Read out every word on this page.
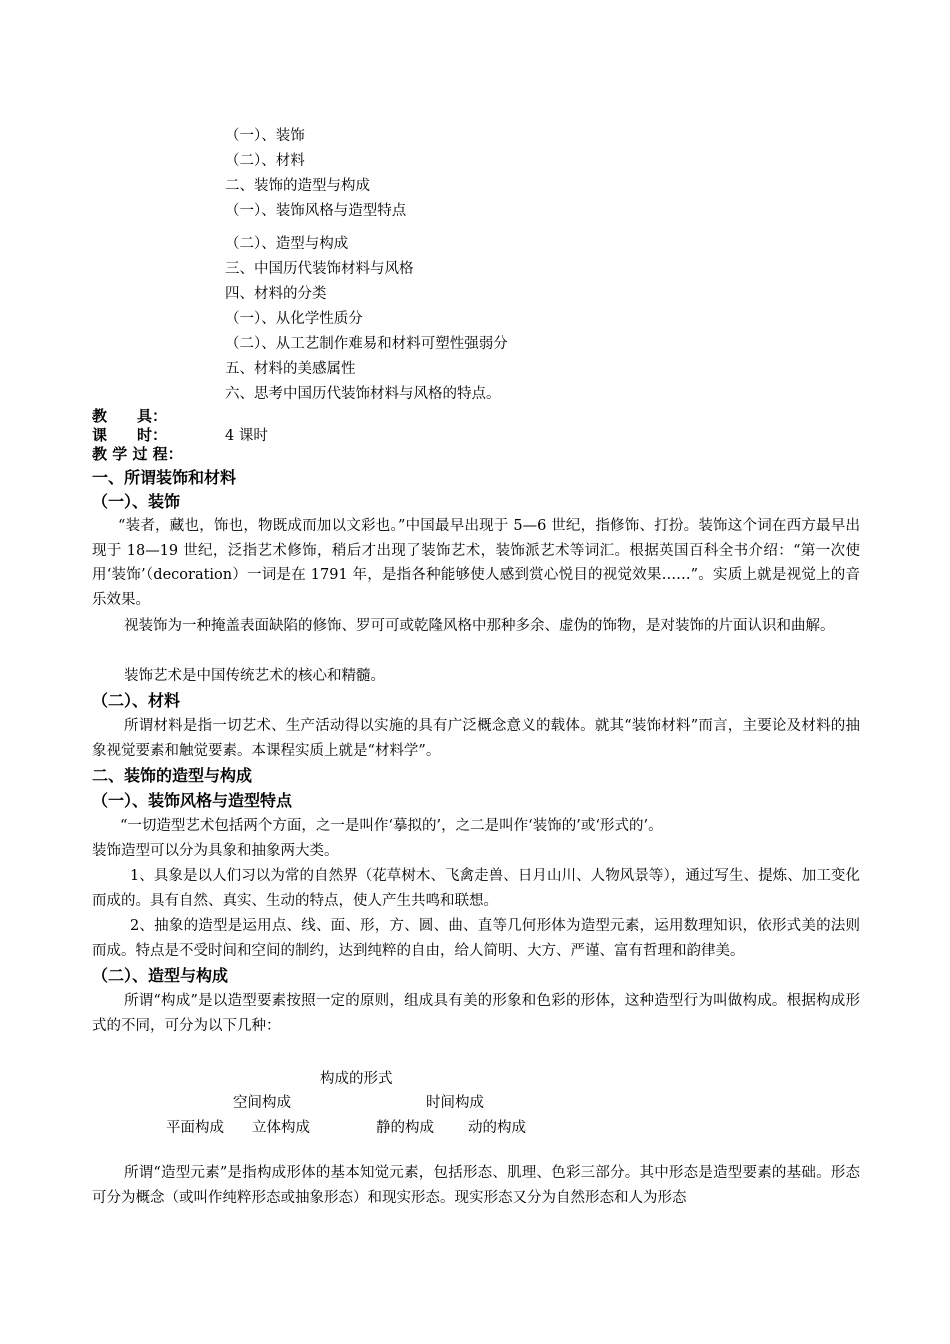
（一）、装饰
（二）、材料
二、装饰的造型与构成
（一）、装饰风格与造型特点
（二）、造型与构成
三、中国历代装饰材料与风格
四、材料的分类
（一）、从化学性质分
（二）、从工艺制作难易和材料可塑性强弱分
五、材料的美感属性
六、思考中国历代装饰材料与风格的特点。
教　　具：
课　　时：	4 课时
教 学 过 程：
一、所谓装饰和材料
（一）、装饰
“装者，藏也，饰也，物既成而加以文彩也。”中国最早出现于 5—6 世纪，指修饰、打扮。装饰这个词在西方最早出现于 18—19 世纪，泛指艺术修饰，稍后才出现了装饰艺术，装饰派艺术等词汇。根据英国百科全书介绍：“第一次使用‘装饰’（decoration）一词是在 1791 年，是指各种能够使人感到赏心悦目的视觉效果……”。实质上就是视觉上的音乐效果。
视装饰为一种掩盖表面缺陷的修饰、罗可可或乾隆风格中那种多余、虚伪的饰物，是对装饰的片面认识和曲解。
装饰艺术是中国传统艺术的核心和精髓。
（二）、材料
所谓材料是指一切艺术、生产活动得以实施的具有广泛概念意义的载体。就其“装饰材料”而言，主要论及材料的抽象视觉要素和触觉要素。本课程实质上就是“材料学”。
二、装饰的造型与构成
（一）、装饰风格与造型特点
“一切造型艺术包括两个方面，之一是叫作‘摹拟的’，之二是叫作‘装饰的’或‘形式的’。
装饰造型可以分为具象和抽象两大类。
1、具象是以人们习以为常的自然界（花草树木、飞禽走兽、日月山川、人物风景等），通过写生、提炼、加工变化而成的。具有自然、真实、生动的特点，使人产生共鸣和联想。
2、抽象的造型是运用点、线、面、形，方、圆、曲、直等几何形体为造型元素，运用数理知识，依形式美的法则而成。特点是不受时间和空间的制约，达到纯粹的自由，给人简明、大方、严谨、富有哲理和韵律美。
（二）、造型与构成
所谓“构成”是以造型要素按照一定的原则，组成具有美的形象和色彩的形体，这种造型行为叫做构成。根据构成形式的不同，可分为以下几种：
构成的形式
空间构成	时间构成
平面构成 立体构成	静的构成 动的构成
所谓“造型元素”是指构成形体的基本知觉元素，包括形态、肌理、色彩三部分。其中形态是造型要素的基础。形态可分为概念（或叫作纯粹形态或抽象形态）和现实形态。现实形态又分为自然形态和人为形态
